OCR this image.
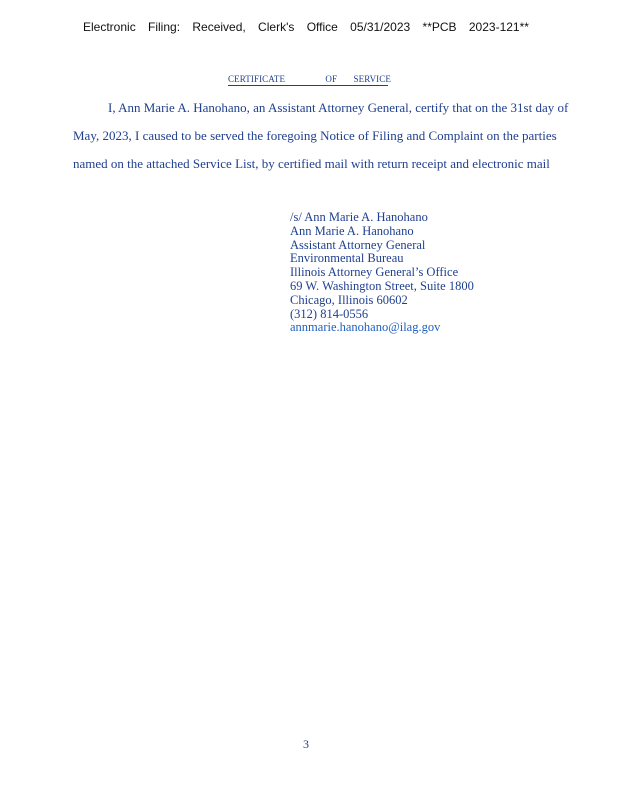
Electronic Filing: Received, Clerk's Office 05/31/2023 **PCB 2023-121**
CERTIFICATE	OF SERVICE
I, Ann Marie A. Hanohano, an Assistant Attorney General, certify that on the 31st day of
May, 2023, I caused to be served the foregoing Notice of Filing and Complaint on the parties
named on the attached Service List, by certified mail with return receipt and electronic mail
/s/ Ann Marie A. Hanohano
Ann Marie A. Hanohano
Assistant Attorney General
Environmental Bureau
Illinois Attorney General’s Office
69 W. Washington Street, Suite 1800
Chicago, Illinois 60602
(312) 814-0556
annmarie.hanohano@ilag.gov
3
